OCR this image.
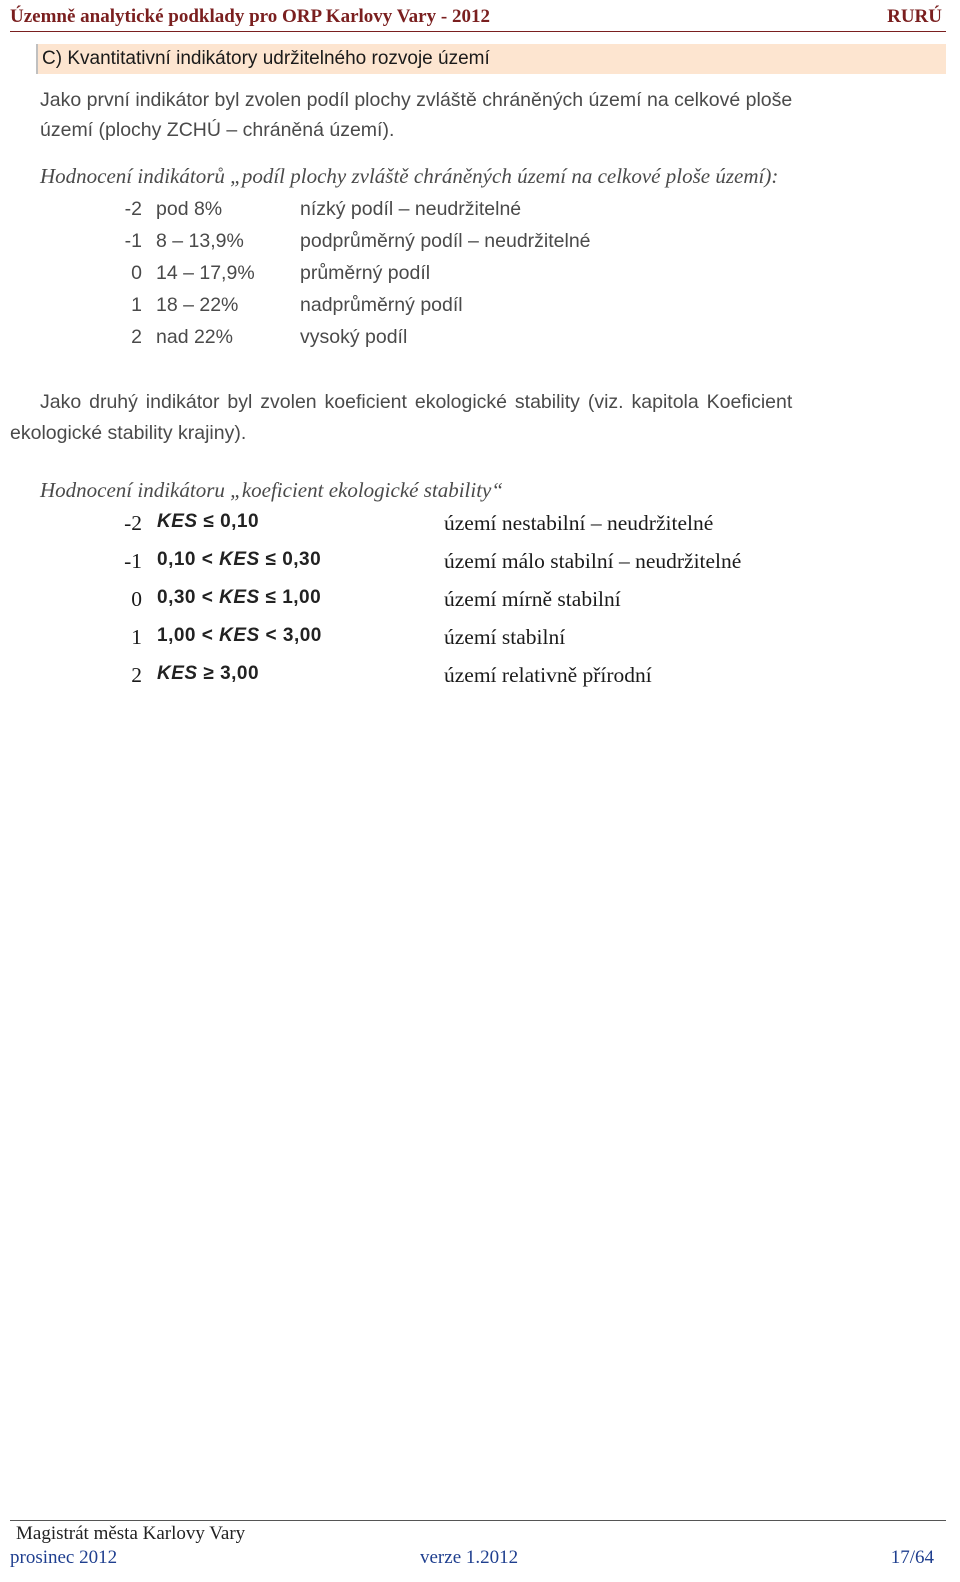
Územně analytické podklady pro ORP Karlovy Vary - 2012	RURÚ
C) Kvantitativní indikátory udržitelného rozvoje území
Jako první indikátor byl zvolen podíl plochy zvláště chráněných území na celkové ploše
území (plochy ZCHÚ – chráněná území).
Hodnocení indikátorů „podíl plochy zvláště chráněných území na celkové ploše území):
-2 pod 8%	nízký podíl – neudržitelné
-1 8 – 13,9%	podprůměrný podíl – neudržitelné
0 14 – 17,9% průměrný podíl
1 18 – 22%	nadprůměrný podíl
2 nad 22%	vysoký podíl
Jako druhý indikátor byl zvolen koeficient ekologické stability (viz. kapitola Koeficient
ekologické stability krajiny).
Hodnocení indikátoru „koeficient ekologické stability“
-2 KES ≤ 0,10	území nestabilní – neudržitelné
-1 0,10 < KES ≤ 0,30	území málo stabilní – neudržitelné
0 0,30 < KES ≤ 1,00	území mírně stabilní
1 1,00 < KES < 3,00	území stabilní
2 KES ≥ 3,00	území relativně přírodní
Magistrát města Karlovy Vary
prosinec 2012	verze 1.2012	17/64
